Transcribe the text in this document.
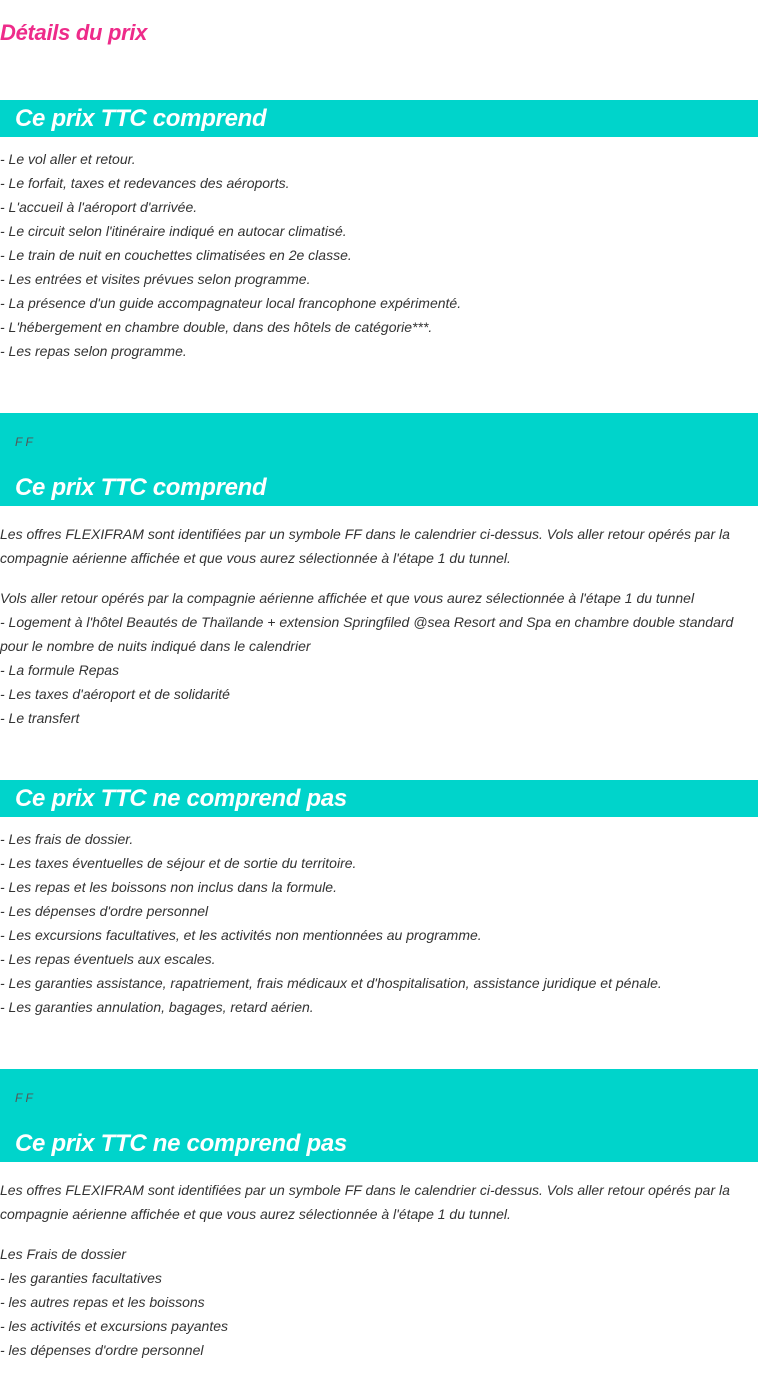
Détails du prix
Ce prix TTC comprend
- Le vol aller et retour.
- Le forfait, taxes et redevances des aéroports.
- L'accueil à l'aéroport d'arrivée.
- Le circuit selon l'itinéraire indiqué en autocar climatisé.
- Le train de nuit en couchettes climatisées en 2e classe.
- Les entrées et visites prévues selon programme.
- La présence d'un guide accompagnateur local francophone expérimenté.
- L'hébergement en chambre double, dans des hôtels de catégorie***.
- Les repas selon programme.
F F
Ce prix TTC comprend
Les offres FLEXIFRAM sont identifiées par un symbole FF dans le calendrier ci-dessus. Vols aller retour opérés par la compagnie aérienne affichée et que vous aurez sélectionnée à l'étape 1 du tunnel.
Vols aller retour opérés par la compagnie aérienne affichée et que vous aurez sélectionnée à l'étape 1 du tunnel
- Logement à l'hôtel Beautés de Thaïlande + extension Springfiled @sea Resort and Spa en chambre double standard
pour le nombre de nuits indiqué dans le calendrier
- La formule Repas
- Les taxes d'aéroport et de solidarité
- Le transfert
Ce prix TTC ne comprend pas
- Les frais de dossier.
- Les taxes éventuelles de séjour et de sortie du territoire.
- Les repas et les boissons non inclus dans la formule.
- Les dépenses d'ordre personnel
- Les excursions facultatives, et les activités non mentionnées au programme.
- Les repas éventuels aux escales.
- Les garanties assistance, rapatriement, frais médicaux et d'hospitalisation, assistance juridique et pénale.
- Les garanties annulation, bagages, retard aérien.
F F
Ce prix TTC ne comprend pas
Les offres FLEXIFRAM sont identifiées par un symbole FF dans le calendrier ci-dessus. Vols aller retour opérés par la compagnie aérienne affichée et que vous aurez sélectionnée à l'étape 1 du tunnel.
Les Frais de dossier
- les garanties facultatives
- les autres repas et les boissons
- les activités et excursions payantes
- les dépenses d'ordre personnel
